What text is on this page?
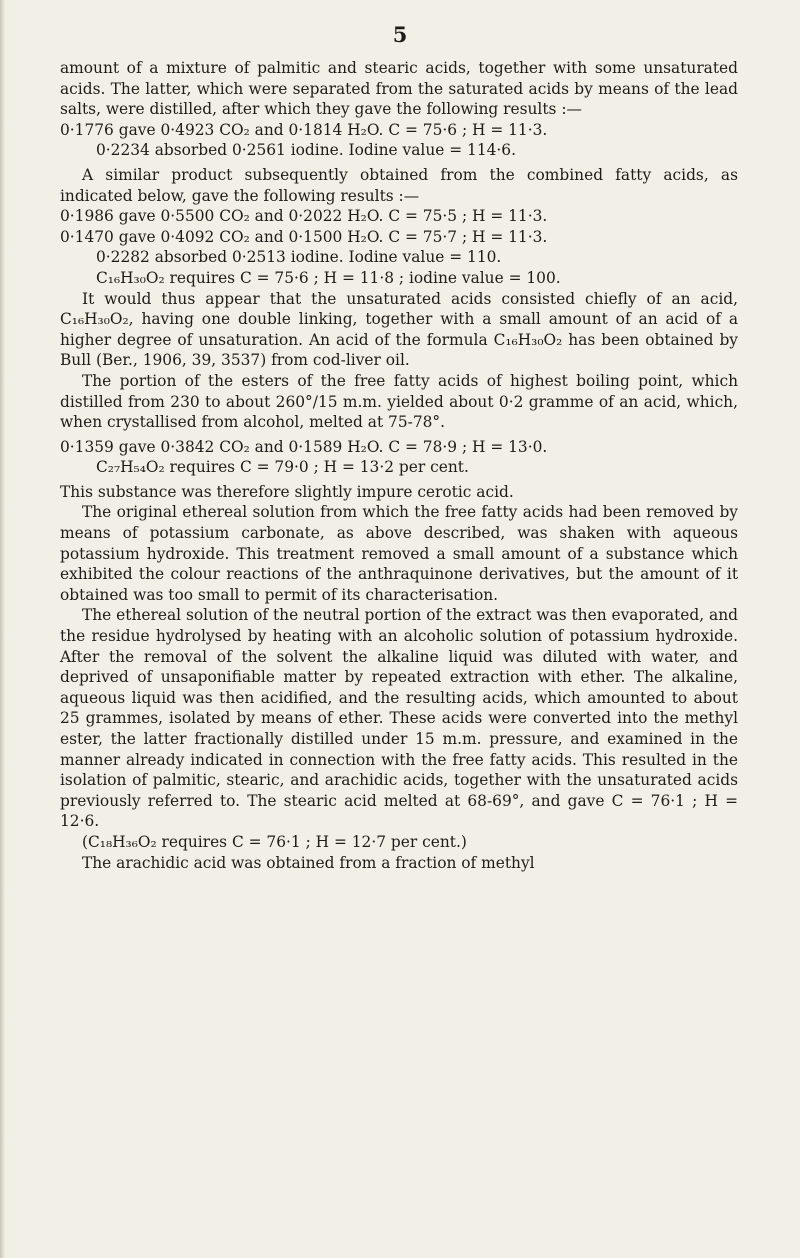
5

amount of a mixture of palmitic and stearic acids, together with some unsaturated acids. The latter, which were separated from the saturated acids by means of the lead salts, were distilled, after which they gave the following results :—

0·1776 gave 0·4923 CO₂ and 0·1814 H₂O. C = 75·6 ; H = 11·3.

0·2234 absorbed 0·2561 iodine. Iodine value = 114·6.

A similar product subsequently obtained from the combined fatty acids, as indicated below, gave the following results :—

0·1986 gave 0·5500 CO₂ and 0·2022 H₂O. C = 75·5 ; H = 11·3.

0·1470 gave 0·4092 CO₂ and 0·1500 H₂O. C = 75·7 ; H = 11·3.

0·2282 absorbed 0·2513 iodine. Iodine value = 110.

C₁₆H₃₀O₂ requires C = 75·6 ; H = 11·8 ; iodine value = 100.

It would thus appear that the unsaturated acids consisted chiefly of an acid, C₁₆H₃₀O₂, having one double linking, together with a small amount of an acid of a higher degree of unsaturation. An acid of the formula C₁₆H₃₀O₂ has been obtained by Bull (Ber., 1906, 39, 3537) from cod-liver oil.

The portion of the esters of the free fatty acids of highest boiling point, which distilled from 230 to about 260°/15 m.m. yielded about 0·2 gramme of an acid, which, when crystallised from alcohol, melted at 75-78°.

0·1359 gave 0·3842 CO₂ and 0·1589 H₂O. C = 78·9 ; H = 13·0.

C₂₇H₅₄O₂ requires C = 79·0 ; H = 13·2 per cent.

This substance was therefore slightly impure cerotic acid.

The original ethereal solution from which the free fatty acids had been removed by means of potassium carbonate, as above described, was shaken with aqueous potassium hydroxide. This treatment removed a small amount of a substance which exhibited the colour reactions of the anthraquinone derivatives, but the amount of it obtained was too small to permit of its characterisation.

The ethereal solution of the neutral portion of the extract was then evaporated, and the residue hydrolysed by heating with an alcoholic solution of potassium hydroxide. After the removal of the solvent the alkaline liquid was diluted with water, and deprived of unsaponifiable matter by repeated extraction with ether. The alkaline, aqueous liquid was then acidified, and the resulting acids, which amounted to about 25 grammes, isolated by means of ether. These acids were converted into the methyl ester, the latter fractionally distilled under 15 m.m. pressure, and examined in the manner already indicated in connection with the free fatty acids. This resulted in the isolation of palmitic, stearic, and arachidic acids, together with the unsaturated acids previously referred to. The stearic acid melted at 68-69°, and gave C = 76·1 ; H = 12·6.

(C₁₈H₃₆O₂ requires C = 76·1 ; H = 12·7 per cent.)

The arachidic acid was obtained from a fraction of methyl
